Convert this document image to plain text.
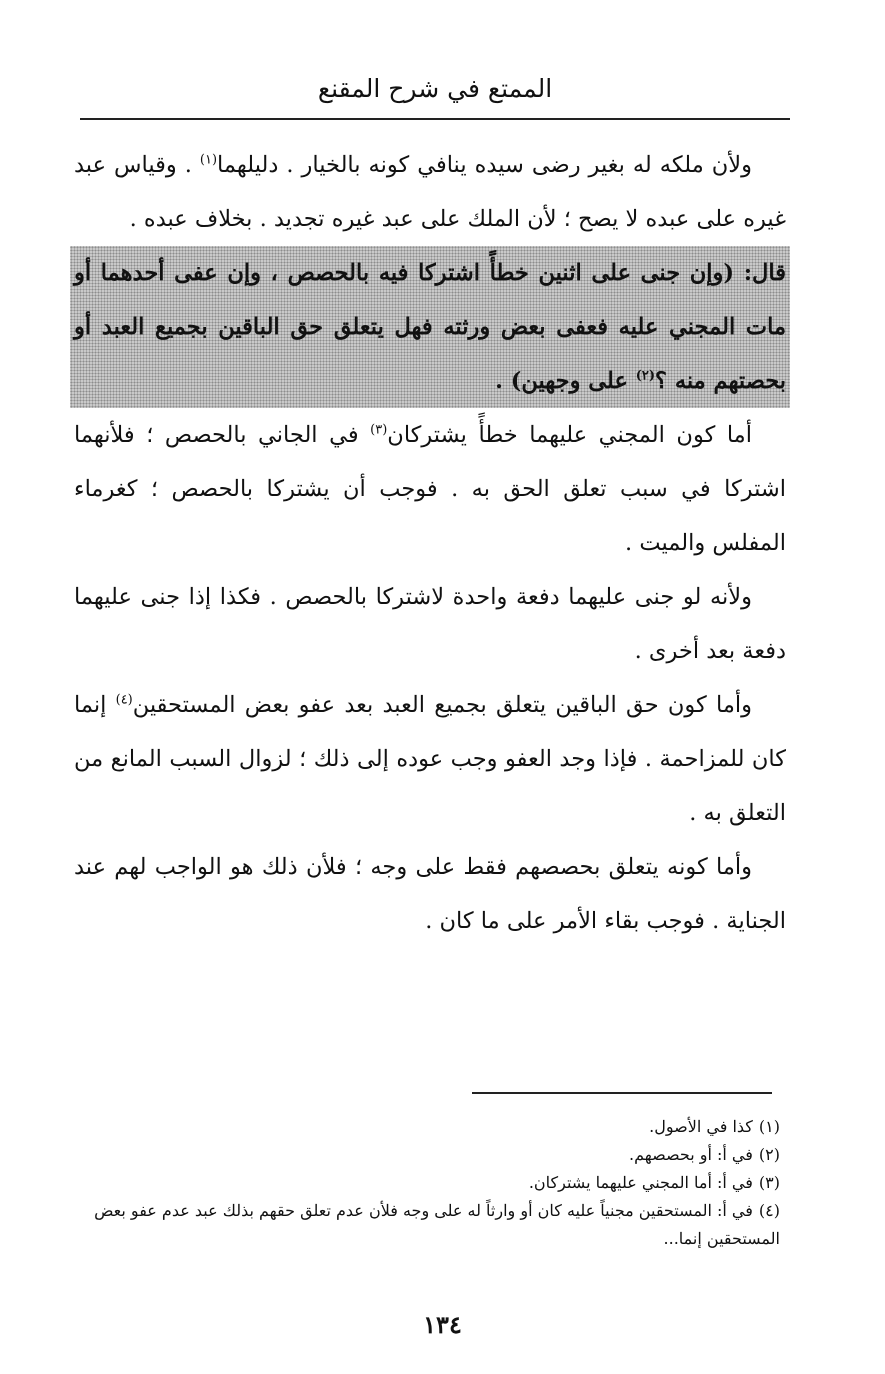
الممتع في شرح المقنع

ولأن ملكه له بغير رضى سيده ينافي كونه بالخيار . دليلهما$^{(١)}$ . وقياس عبد غيره على عبده لا يصح ؛ لأن الملك على عبد غيره تجديد . بخلاف عبده .

قال: (وإن جنى على اثنين خطأً اشتركا فيه بالحصص ، وإن عفى أحدهما أو مات المجني عليه فعفى بعض ورثته فهل يتعلق حق الباقين بجميع العبد أو بحصتهم منه ؟$^{(٢)}$ على وجهين) .

أما كون المجني عليهما خطأً يشتركان$^{(٣)}$ في الجاني بالحصص ؛ فلأنهما اشتركا في سبب تعلق الحق به . فوجب أن يشتركا بالحصص ؛ كغرماء المفلس والميت .

ولأنه لو جنى عليهما دفعة واحدة لاشتركا بالحصص . فكذا إذا جنى عليهما دفعة بعد أخرى .

وأما كون حق الباقين يتعلق بجميع العبد بعد عفو بعض المستحقين$^{(٤)}$ إنما كان للمزاحمة . فإذا وجد العفو وجب عوده إلى ذلك ؛ لزوال السبب المانع من التعلق به .

وأما كونه يتعلق بحصصهم فقط على وجه ؛ فلأن ذلك هو الواجب لهم عند الجناية . فوجب بقاء الأمر على ما كان .

(١)كذا في الأصول.

(٢)في أ: أو بحصصهم.

(٣)في أ: أما المجني عليهما يشتركان.

(٤)في أ: المستحقين مجنياً عليه كان أو وارثاً له على وجه فلأن عدم تعلق حقهم بذلك عبد عدم عفو بعض المستحقين إنما...

١٣٤
